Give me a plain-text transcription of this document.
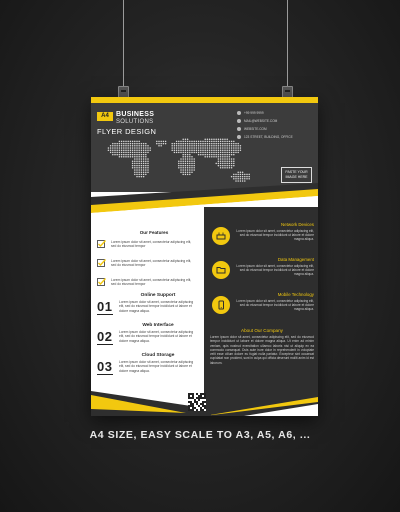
A4	BUSINESS
SOLUTIONS
FLYER DESIGN
+99 999 9999
MAIL@WEBSITE.COM
WEBSITE.COM
123 STREET, BUILDING, OFFICE
PASTE YOUR
IMAGE HERE
Network Devices
Lorem ipsum dolor sit amet, consectetur adipiscing elit, sed do eiusmod tempor incididunt ut labore et dolore magna aliqua.
Data Management
Lorem ipsum dolor sit amet, consectetur adipiscing elit, sed do eiusmod tempor incididunt ut labore et dolore magna aliqua.
Mobile Technology
Lorem ipsum dolor sit amet, consectetur adipiscing elit, sed do eiusmod tempor incididunt ut labore et dolore magna aliqua.
About Our Company
Lorem ipsum dolor sit amet, consectetur adipiscing elit, sed do eiusmod tempor incididunt ut labore et dolore magna aliqua. Ut enim ad minim veniam, quis nostrud exercitation ullamco laboris nisi ut aliquip ex ea commodo consequat. Duis aute irure dolor in reprehenderit in voluptate velit esse cillum dolore eu fugiat nulla pariatur. Excepteur sint occaecat cupidatat non proident, sunt in culpa qui officia deserunt mollit anim id est laborum.
Our Features
Lorem ipsum dolor sit amet, consectetur adipiscing elit, sed do eiusmod tempor
Lorem ipsum dolor sit amet, consectetur adipiscing elit, sed do eiusmod tempor
Lorem ipsum dolor sit amet, consectetur adipiscing elit, sed do eiusmod tempor
01
Online Support
Lorem ipsum dolor sit amet, consectetur adipiscing elit, sed do eiusmod tempor incididunt ut labore et dolore magna aliqua.
02
Web Interface
Lorem ipsum dolor sit amet, consectetur adipiscing elit, sed do eiusmod tempor incididunt ut labore et dolore magna aliqua.
03
Cloud Storage
Lorem ipsum dolor sit amet, consectetur adipiscing elit, sed do eiusmod tempor incididunt ut labore et dolore magna aliqua.
A4 SIZE, EASY SCALE TO A3, A5, A6, ...
